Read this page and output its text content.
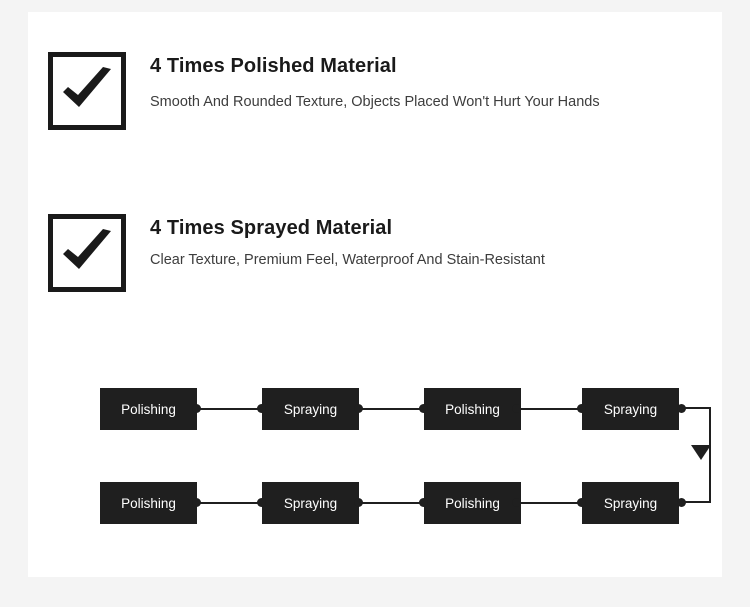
4 Times Polished Material
Smooth And Rounded Texture, Objects Placed Won't Hurt Your Hands
4 Times Sprayed Material
Clear Texture, Premium Feel, Waterproof And Stain-Resistant
Polishing	Spraying	Polishing	Spraying
Polishing	Spraying	Polishing	Spraying
